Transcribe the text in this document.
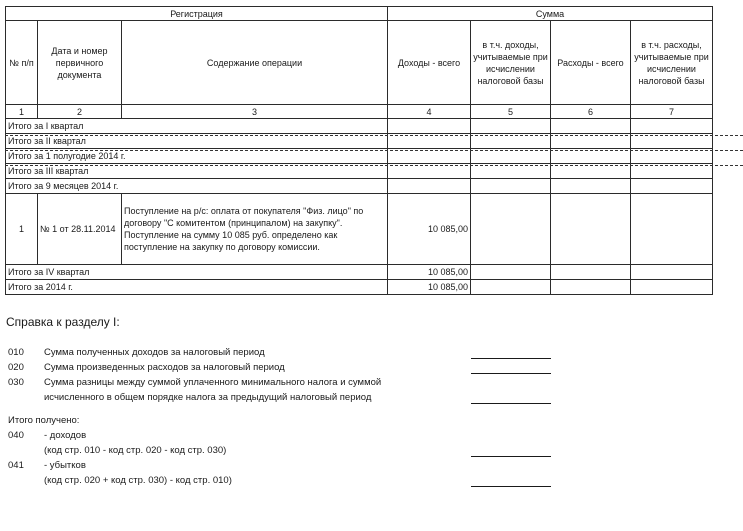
Регистрация			Сумма			
№ п/п	Дата и номер первичного документа	Содержание операции	Доходы - всего	в т.ч. доходы, учитываемые при исчислении налоговой базы	Расходы - всего	в т.ч. расходы, учитываемые при исчислении налоговой базы
1	2	3	4	5	6	7
Итого за I квартал						
Итого за II квартал						
Итого за 1 полугодие 2014 г.						
Итого за III квартал						
Итого за 9 месяцев 2014 г.						
1	№ 1 от 28.11.2014	Поступление на р/с: оплата от покупателя "Физ. лицо" по договору "С комитентом (принципалом) на закупку". Поступление на сумму 10 085 руб. определено как поступление на закупку по договору комиссии.	10 085,00			
Итого за IV квартал			10 085,00			
Итого за 2014 г.			10 085,00			
Справка к разделу I:
010 Сумма полученных доходов за налоговый период
020 Сумма произведенных расходов за налоговый период
030 Сумма разницы между суммой уплаченного минимального налога и суммой
исчисленного в общем порядке налога за предыдущий налоговый период
Итого получено:
040 - доходов
(код стр. 010 - код стр. 020 - код стр. 030)
041 - убытков
(код стр. 020 + код стр. 030) - код стр. 010)
